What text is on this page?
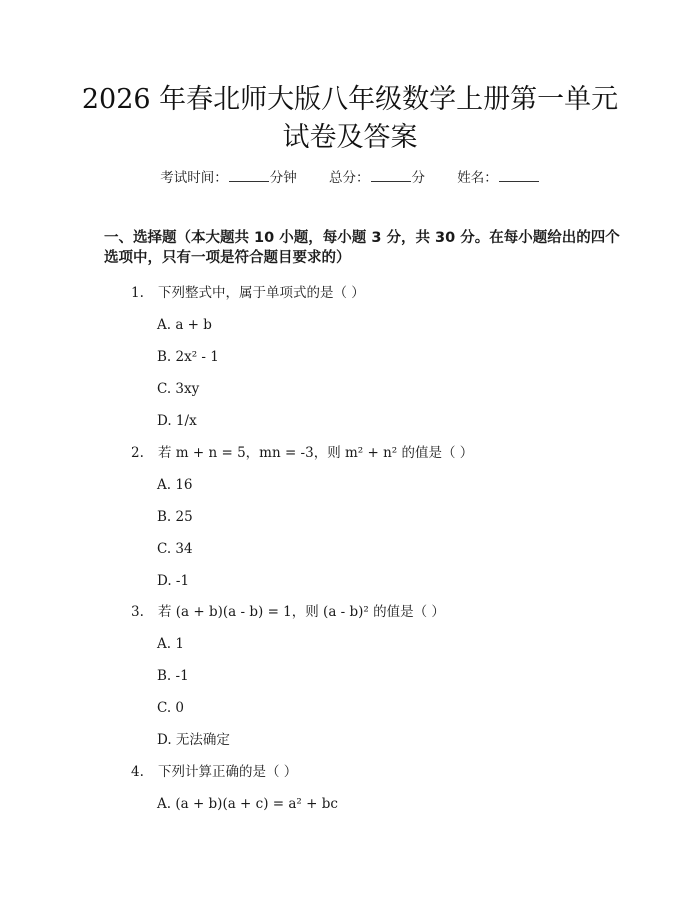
2026 年春北师大版八年级数学上册第一单元
试卷及答案
考试时间：	分钟 总分：	分 姓名：
一、选择题（本大题共 10 小题，每小题 3 分，共 30 分。在每小题给出的四个选项中，只有一项是符合题目要求的）
1. 下列整式中，属于单项式的是（ ）
A. a + b
B. 2x² - 1
C. 3xy
D. 1/x
2. 若 m + n = 5，mn = -3，则 m² + n² 的值是（ ）
A. 16
B. 25
C. 34
D. -1
3. 若 (a + b)(a - b) = 1，则 (a - b)² 的值是（ ）
A. 1
B. -1
C. 0
D. 无法确定
4. 下列计算正确的是（ ）
A. (a + b)(a + c) = a² + bc
